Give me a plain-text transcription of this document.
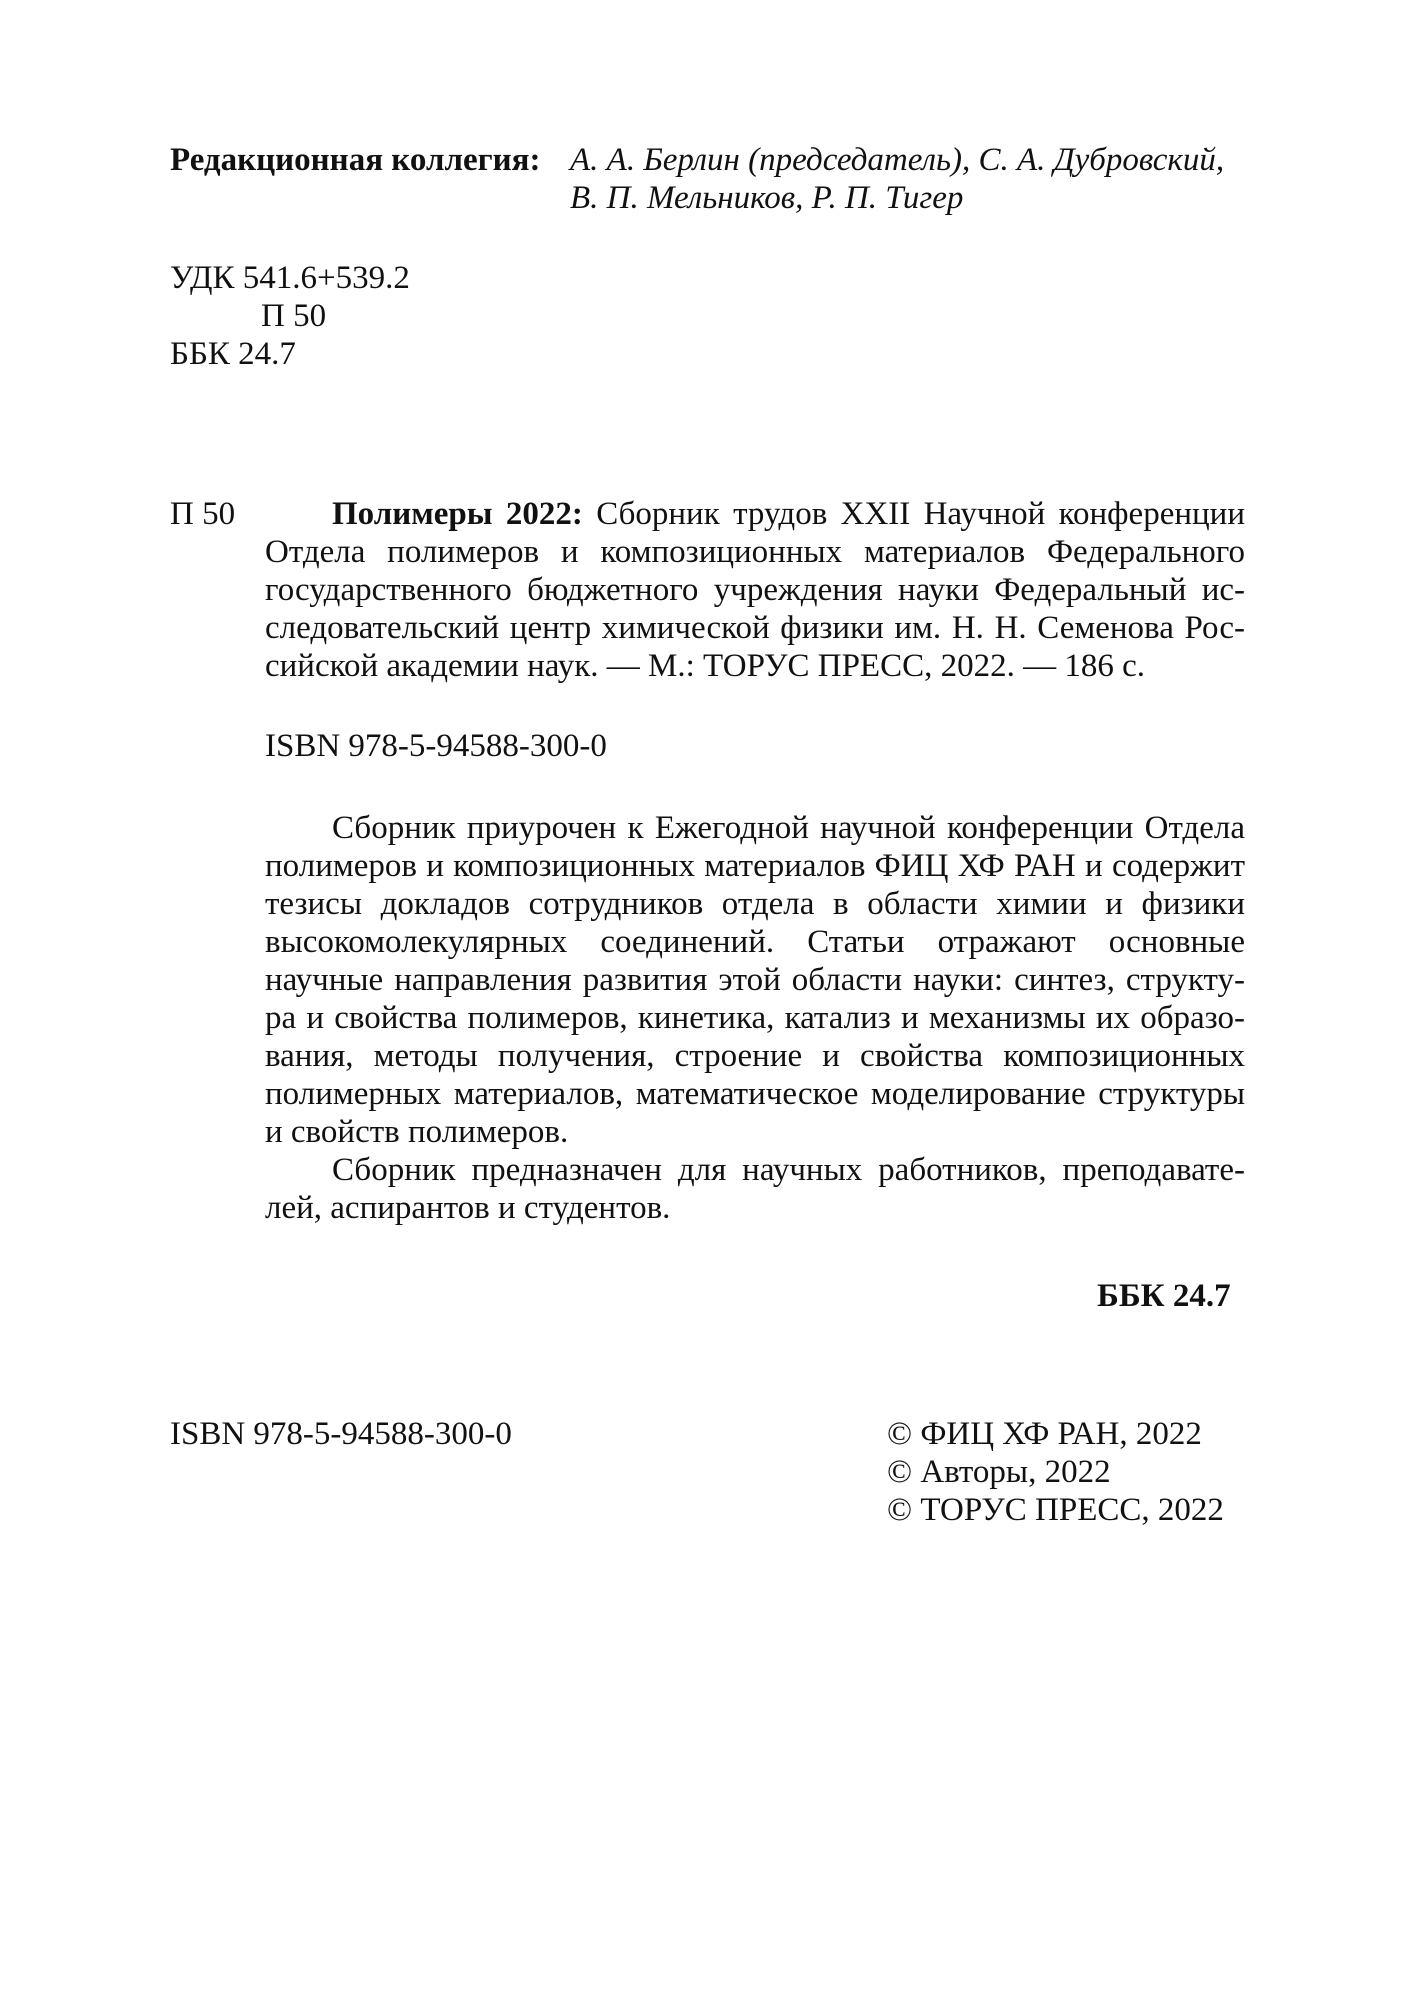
Редакционная коллегия: А. А. Берлин (председатель), С. А. Дубровский,
В. П. Мельников, Р. П. Тигер
УДК 541.6+539.2
П 50
ББК 24.7
П 50	Полимеры 2022: Сборник трудов XXII Научной конференции Отдела полимеров и композиционных материалов Федерального государственного бюджетного учреждения науки Федеральный исследовательский центр химической физики им. Н. Н. Семенова Российской академии наук. — М.: ТОРУС ПРЕСС, 2022. — 186 с.

ISBN 978-5-94588-300-0

Сборник приурочен к Ежегодной научной конференции Отдела полимеров и композиционных материалов ФИЦ ХФ РАН и содержит тезисы докладов сотрудников отдела в области химии и физики высокомолекулярных соединений. Статьи отражают основные научные направления развития этой области науки: синтез, структура и свойства полимеров, кинетика, катализ и механизмы их образования, методы получения, строение и свойства композиционных полимерных материалов, математическое моделирование структуры и свойств полимеров.

Сборник предназначен для научных работников, преподавателей, аспирантов и студентов.

ББК 24.7
ISBN 978-5-94588-300-0	© ФИЦ ХФ РАН, 2022
© Авторы, 2022
© ТОРУС ПРЕСС, 2022
